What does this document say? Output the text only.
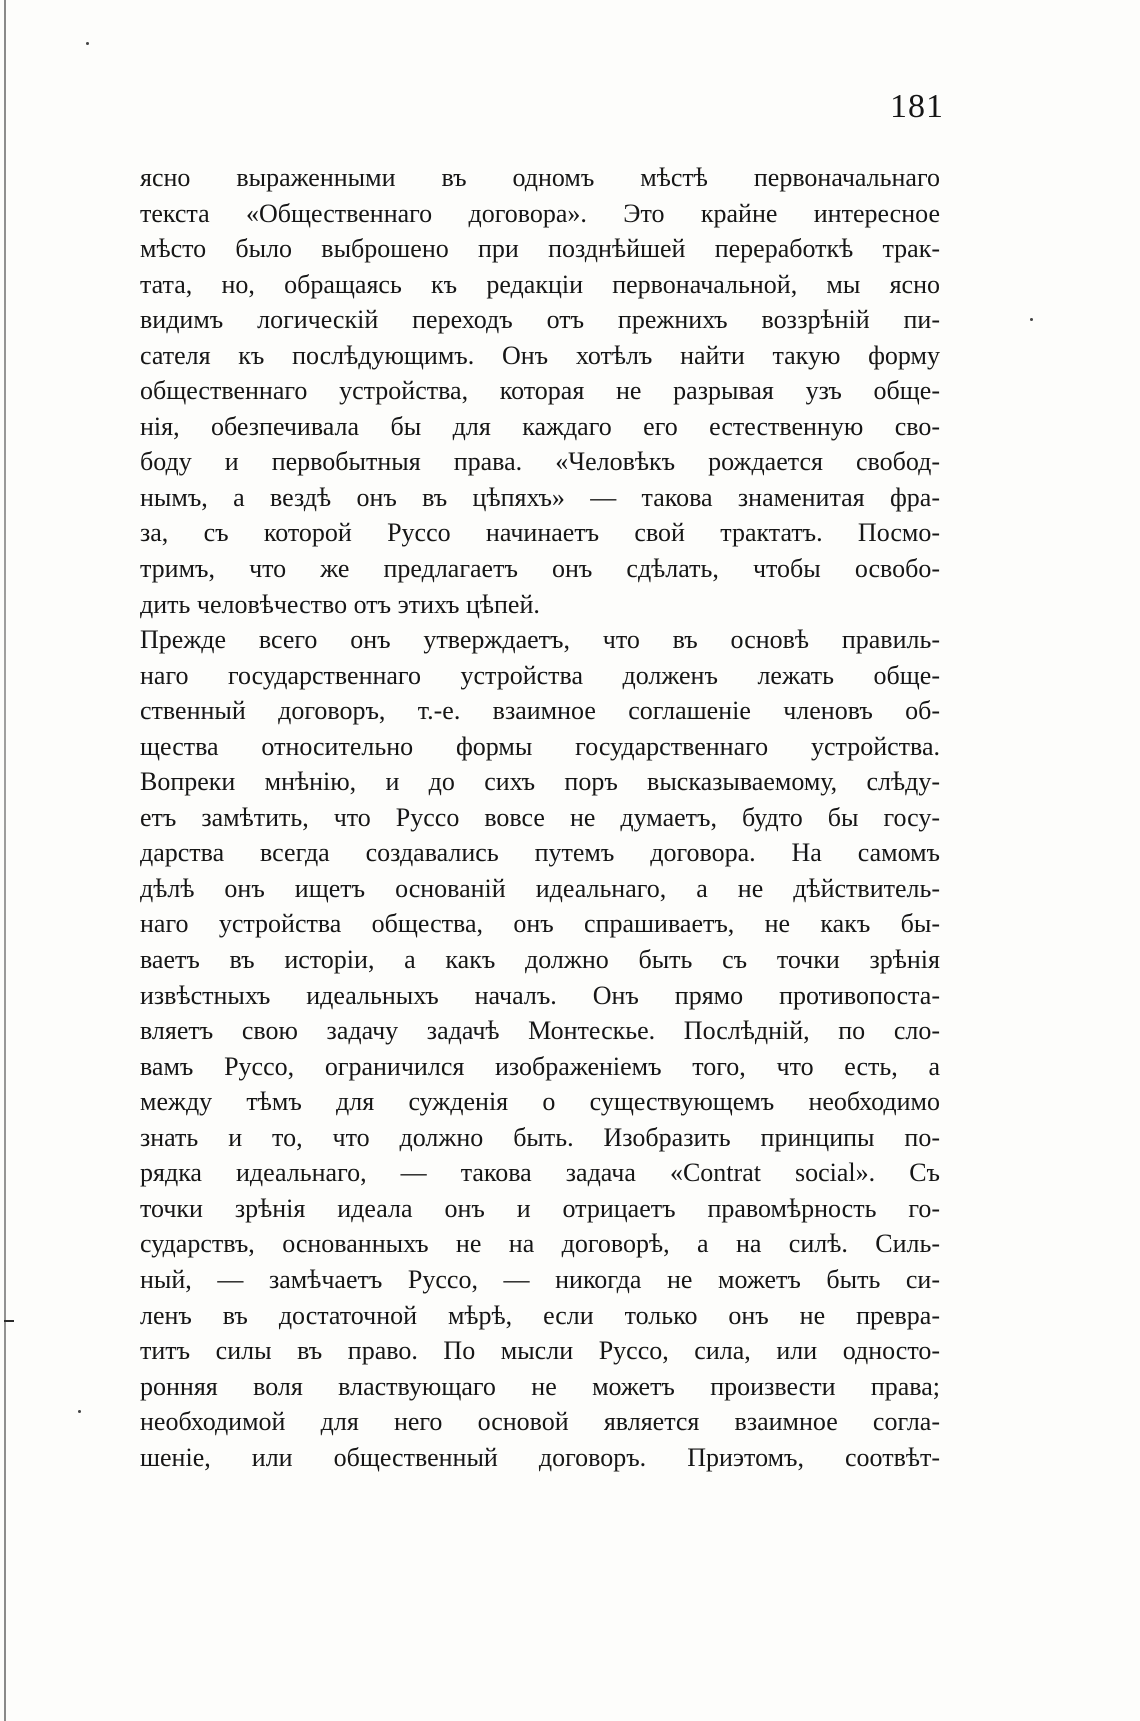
181
ясно выраженными въ одномъ мѣстѣ первоначальнаго
текста «Общественнаго договора». Это крайне интересное
мѣсто было выброшено при позднѣйшей переработкѣ трак-
тата, но, обращаясь къ редакціи первоначальной, мы ясно
видимъ логическій переходъ отъ прежнихъ воззрѣній пи-
сателя къ послѣдующимъ. Онъ хотѣлъ найти такую форму
общественнаго устройства, которая не разрывая узъ обще-
нія, обезпечивала бы для каждаго его естественную сво-
боду и первобытныя права. «Человѣкъ рождается свобод-
нымъ, а вездѣ онъ въ цѣпяхъ» — такова знаменитая фра-
за, съ которой Руссо начинаетъ свой трактатъ. Посмо-
тримъ, что же предлагаетъ онъ сдѣлать, чтобы освобо-
дить человѣчество отъ этихъ цѣпей.
Прежде всего онъ утверждаетъ, что въ основѣ правиль-
наго государственнаго устройства долженъ лежать обще-
ственный договоръ, т.-е. взаимное соглашеніе членовъ об-
щества относительно формы государственнаго устройства.
Вопреки мнѣнію, и до сихъ поръ высказываемому, слѣду-
етъ замѣтить, что Руссо вовсе не думаетъ, будто бы госу-
дарства всегда создавались путемъ договора. На самомъ
дѣлѣ онъ ищетъ основаній идеальнаго, а не дѣйствитель-
наго устройства общества, онъ спрашиваетъ, не какъ бы-
ваетъ въ исторіи, а какъ должно быть съ точки зрѣнія
извѣстныхъ идеальныхъ началъ. Онъ прямо противопоста-
вляетъ свою задачу задачѣ Монтескье. Послѣдній, по сло-
вамъ Руссо, ограничился изображеніемъ того, что есть, а
между тѣмъ для сужденія о существующемъ необходимо
знать и то, что должно быть. Изобразить принципы по-
рядка идеальнаго, — такова задача «Contrat social». Съ
точки зрѣнія идеала онъ и отрицаетъ правомѣрность го-
сударствъ, основанныхъ не на договорѣ, а на силѣ. Силь-
ный, — замѣчаетъ Руссо, — никогда не можетъ быть си-
ленъ въ достаточной мѣрѣ, если только онъ не превра-
титъ силы въ право. По мысли Руссо, сила, или односто-
ронняя воля властвующаго не можетъ произвести права;
необходимой для него основой является взаимное согла-
шеніе, или общественный договоръ. Приэтомъ, соотвѣт-
